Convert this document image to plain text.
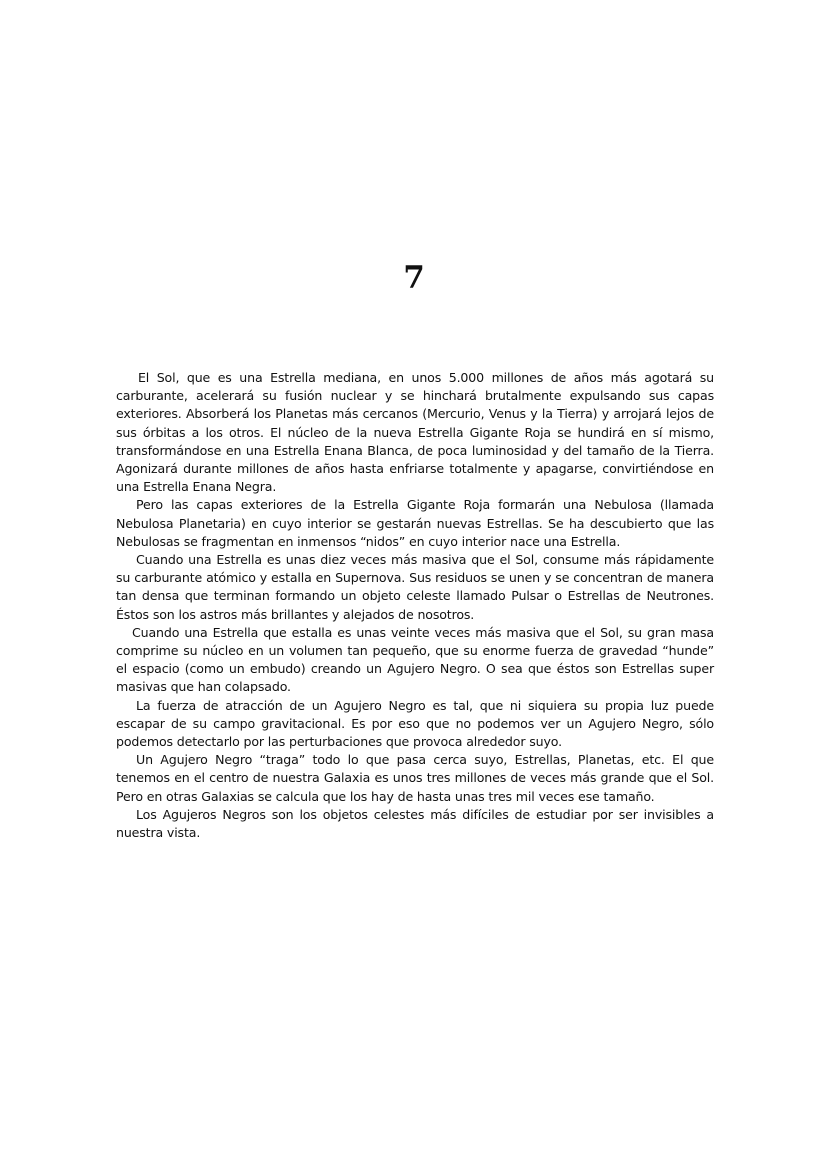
7

El Sol, que es una Estrella mediana, en unos 5.000 millones de años más agotará su carburante, acelerará su fusión nuclear y se hinchará brutalmente expulsando sus capas exteriores. Absorberá los Planetas más cercanos (Mercurio, Venus y la Tierra) y arrojará lejos de sus órbitas a los otros. El núcleo de la nueva Estrella Gigante Roja se hundirá en sí mismo, transformándose en una Estrella Enana Blanca, de poca luminosidad y del tamaño de la Tierra. Agonizará durante millones de años hasta enfriarse totalmente y apagarse, convirtiéndose en una Estrella Enana Negra.

Pero las capas exteriores de la Estrella Gigante Roja formarán una Nebulosa (llamada Nebulosa Planetaria) en cuyo interior se gestarán nuevas Estrellas. Se ha descubierto que las Nebulosas se fragmentan en inmensos “nidos” en cuyo interior nace una Estrella.

Cuando una Estrella es unas diez veces más masiva que el Sol, consume más rápidamente su carburante atómico y estalla en Supernova. Sus residuos se unen y se concentran de manera tan densa que terminan formando un objeto celeste llamado Pulsar o Estrellas de Neutrones. Éstos son los astros más brillantes y alejados de nosotros.

Cuando una Estrella que estalla es unas veinte veces más masiva que el Sol, su gran masa comprime su núcleo en un volumen tan pequeño, que su enorme fuerza de gravedad “hunde” el espacio (como un embudo) creando un Agujero Negro. O sea que éstos son Estrellas super masivas que han colapsado.

La fuerza de atracción de un Agujero Negro es tal, que ni siquiera su propia luz puede escapar de su campo gravitacional. Es por eso que no podemos ver un Agujero Negro, sólo podemos detectarlo por las perturbaciones que provoca alrededor suyo.

Un Agujero Negro “traga” todo lo que pasa cerca suyo, Estrellas, Planetas, etc. El que tenemos en el centro de nuestra Galaxia es unos tres millones de veces más grande que el Sol. Pero en otras Galaxias se calcula que los hay de hasta unas tres mil veces ese tamaño.

Los Agujeros Negros son los objetos celestes más difíciles de estudiar por ser invisibles a nuestra vista.
